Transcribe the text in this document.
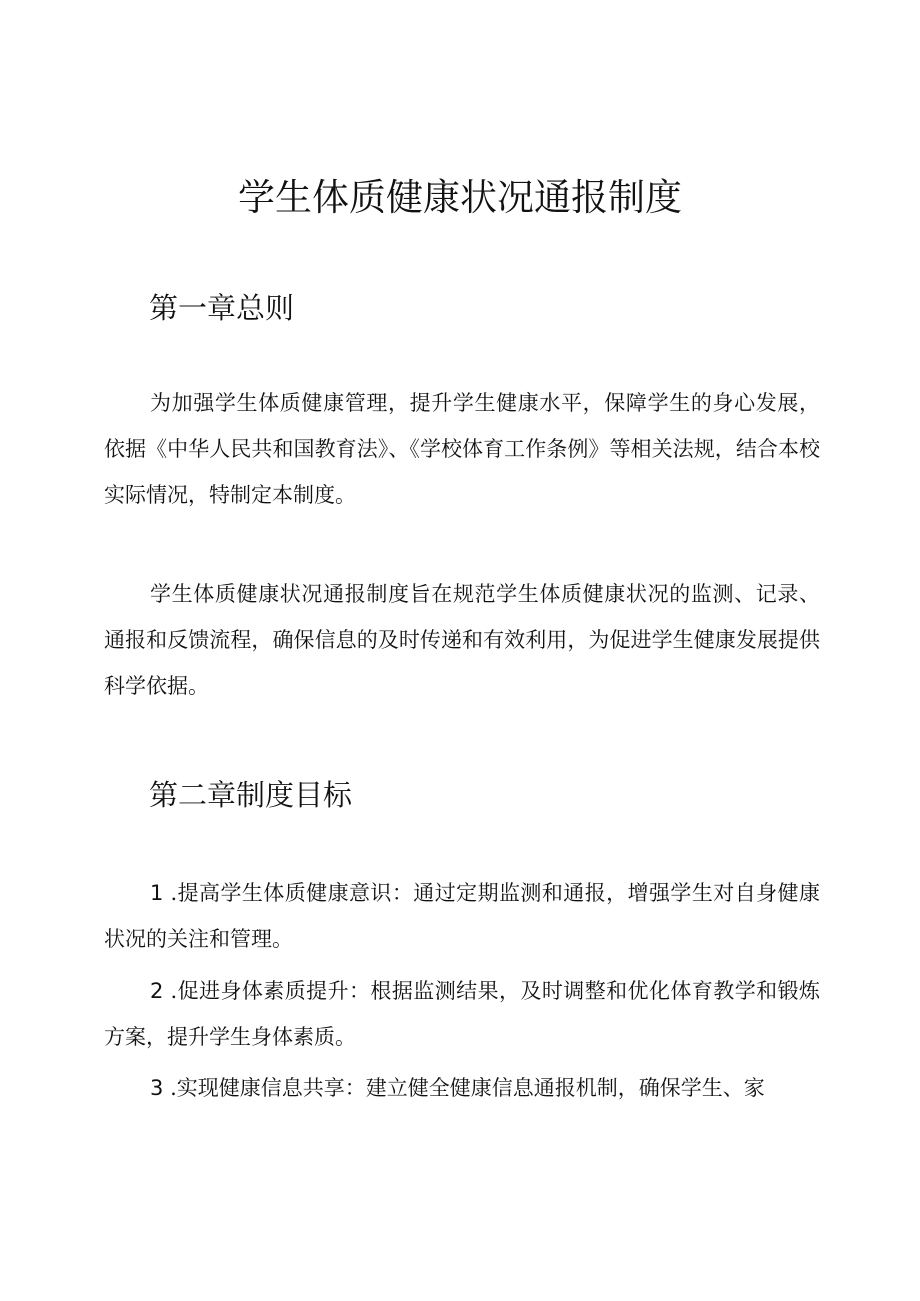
学生体质健康状况通报制度
第一章总则

为加强学生体质健康管理，提升学生健康水平，保障学生的身心发展，依据《中华人民共和国教育法》、《学校体育工作条例》等相关法规，结合本校实际情况，特制定本制度。

学生体质健康状况通报制度旨在规范学生体质健康状况的监测、记录、通报和反馈流程，确保信息的及时传递和有效利用，为促进学生健康发展提供科学依据。

第二章制度目标

1 .提高学生体质健康意识：通过定期监测和通报，增强学生对自身健康状况的关注和管理。

2 .促进身体素质提升：根据监测结果，及时调整和优化体育教学和锻炼方案，提升学生身体素质。

3 .实现健康信息共享：建立健全健康信息通报机制，确保学生、家
